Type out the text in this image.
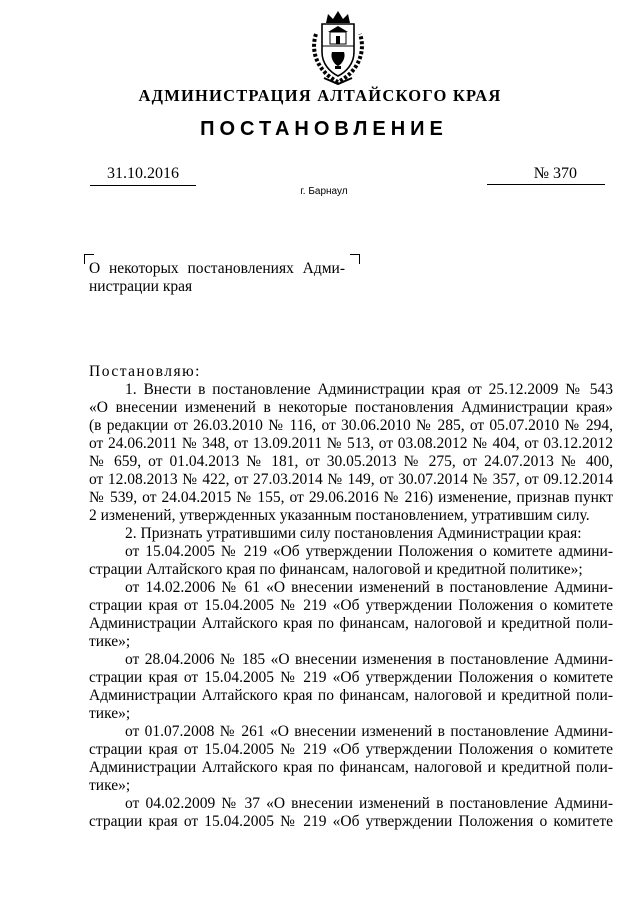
АДМИНИСТРАЦИЯ АЛТАЙСКОГО КРАЯ
ПОСТАНОВЛЕНИЕ
31.10.2016	№ 370
г. Барнаул
О некоторых постановлениях Адми-
нистрации края

Постановляю:

1. Внести в постановление Администрации края от 25.12.2009 № 543
«О внесении изменений в некоторые постановления Администрации края»
(в редакции от 26.03.2010 № 116, от 30.06.2010 № 285, от 05.07.2010 № 294,
от 24.06.2011 № 348, от 13.09.2011 № 513, от 03.08.2012 № 404, от 03.12.2012
№ 659, от 01.04.2013 № 181, от 30.05.2013 № 275, от 24.07.2013 № 400,
от 12.08.2013 № 422, от 27.03.2014 № 149, от 30.07.2014 № 357, от 09.12.2014
№ 539, от 24.04.2015 № 155, от 29.06.2016 № 216) изменение, признав пункт
2 изменений, утвержденных указанным постановлением, утратившим силу.
2. Признать утратившими силу постановления Администрации края:
от 15.04.2005 № 219 «Об утверждении Положения о комитете админи-
страции Алтайского края по финансам, налоговой и кредитной политике»;
от 14.02.2006 № 61 «О внесении изменений в постановление Админи-
страции края от 15.04.2005 № 219 «Об утверждении Положения о комитете
Администрации Алтайского края по финансам, налоговой и кредитной поли-
тике»;
от 28.04.2006 № 185 «О внесении изменения в постановление Админи-
страции края от 15.04.2005 № 219 «Об утверждении Положения о комитете
Администрации Алтайского края по финансам, налоговой и кредитной поли-
тике»;
от 01.07.2008 № 261 «О внесении изменений в постановление Админи-
страции края от 15.04.2005 № 219 «Об утверждении Положения о комитете
Администрации Алтайского края по финансам, налоговой и кредитной поли-
тике»;
от 04.02.2009 № 37 «О внесении изменений в постановление Админи-
страции края от 15.04.2005 № 219 «Об утверждении Положения о комитете
